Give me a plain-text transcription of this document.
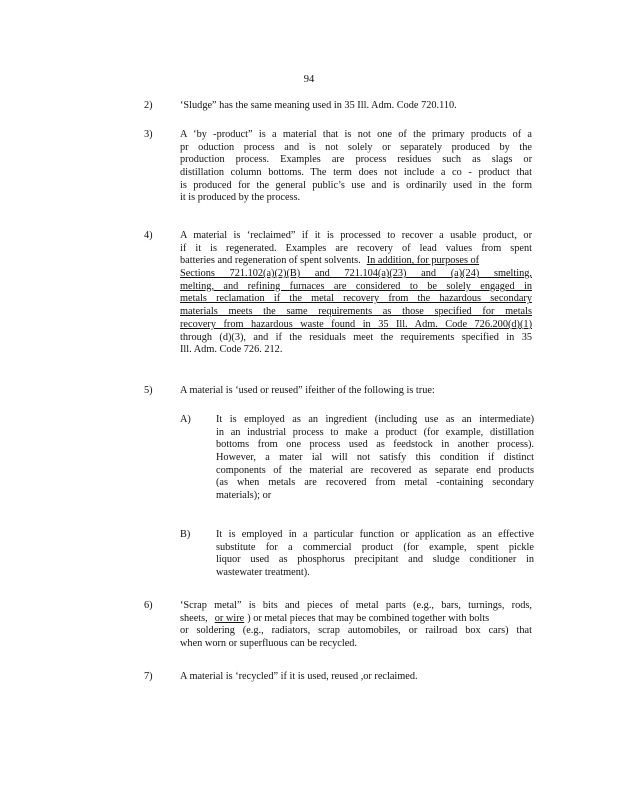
94
2)	‘Sludge” has the same meaning used in 35 Ill. Adm. Code 720.110.
3)	A ‘by -product” is a material that is not one of the primary products of a
pr oduction process and is not solely or separately produced by the
production process. Examples are process residues such as slags or
distillation column bottoms. The term does not include a co - product that
is produced for the general public’s use and is ordinarily used in the form
it is produced by the process.
4)	A material is ‘reclaimed” if it is processed to recover a usable product, or
if it is regenerated. Examples are recovery of lead values from spent
batteries and regeneration of spent solvents. In addition, for purposes of
Sections 721.102(a)(2)(B) and 721.104(a)(23) and (a)(24) smelting,
melting, and refining furnaces are considered to be solely engaged in
metals reclamation if the metal recovery from the hazardous secondary
materials meets the same requirements as those specified for metals
recovery from hazardous waste found in 35 Ill. Adm. Code 726.200(d)(1)
through (d)(3), and if the residuals meet the requirements specified in 35
Ill. Adm. Code 726. 212.
5)	A material is ‘used or reused” ifeither of the following is true:
A) It is employed as an ingredient (including use as an intermediate)
in an industrial process to make a product (for example, distillation
bottoms from one process used as feedstock in another process).
However, a mater ial will not satisfy this condition if distinct
components of the material are recovered as separate end products
(as when metals are recovered from metal -containing secondary
materials); or
B) It is employed in a particular function or application as an effective
substitute for a commercial product (for example, spent pickle
liquor used as phosphorus precipitant and sludge conditioner in
wastewater treatment).
6)	‘Scrap metal” is bits and pieces of metal parts (e.g., bars, turnings, rods,
sheets, or wire ) or metal pieces that may be combined together with bolts
or soldering (e.g., radiators, scrap automobiles, or railroad box cars) that
when worn or superfluous can be recycled.
7)	A material is ‘recycled” if it is used, reused ,or reclaimed.
